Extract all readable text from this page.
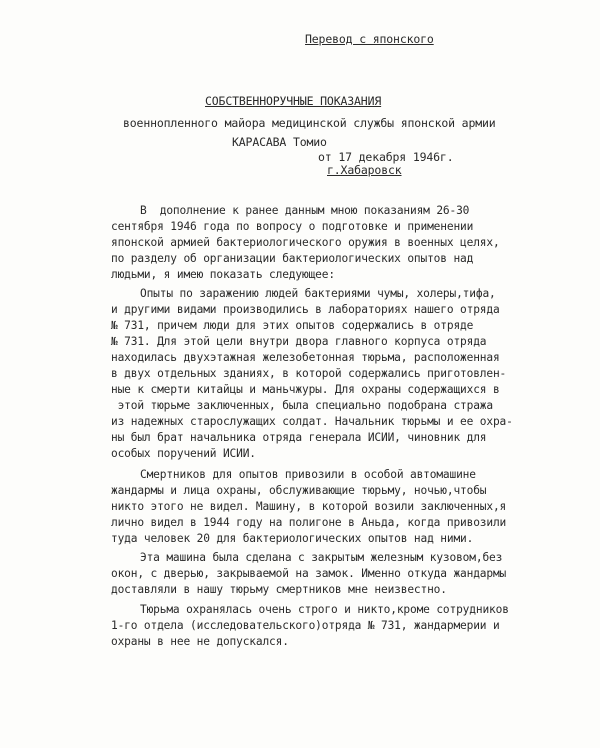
Перевод с японского
СОБСТВЕННОРУЧНЫЕ ПОКАЗАНИЯ
военнопленного майора медицинской службы японской армии
КАРАСАВА Томио
от 17 декабря 1946г.
г.Хабаровск
В  дополнение к ранее данным мною показаниям 26-30
сентября 1946 года по вопросу о подготовке и применении
японской армией бактериологического оружия в военных целях,
по разделу об организации бактериологических опытов над
людьми, я имею показать следующее:
Опыты по заражению людей бактериями чумы, холеры,тифа,
и другими видами производились в лабораториях нашего отряда
№ 731, причем люди для этих опытов содержались в отряде
№ 731. Для этой цели внутри двора главного корпуса отряда
находилась двухэтажная железобетонная тюрьма, расположенная
в двух отдельных зданиях, в которой содержались приготовлен-
ные к смерти китайцы и маньчжуры. Для охраны содержащихся в
этой тюрьме заключенных, была специально подобрана стража
из надежных старослужащих солдат. Начальник тюрьмы и ее охра-
ны был брат начальника отряда генерала ИСИИ, чиновник для
особых поручений ИСИИ.
Смертников для опытов привозили в особой автомашине
жандармы и лица охраны, обслуживающие тюрьму, ночью,чтобы
никто этого не видел. Машину, в которой возили заключенных,я
лично видел в 1944 году на полигоне в Аньда, когда привозили
туда человек 20 для бактериологических опытов над ними.
Эта машина была сделана с закрытым железным кузовом,без
окон, с дверью, закрываемой на замок. Именно откуда жандармы
доставляли в нашу тюрьму смертников мне неизвестно.
Тюрьма охранялась очень строго и никто,кроме сотрудников
1-го отдела (исследовательского)отряда № 731, жандармерии и
охраны в нее не допускался.
